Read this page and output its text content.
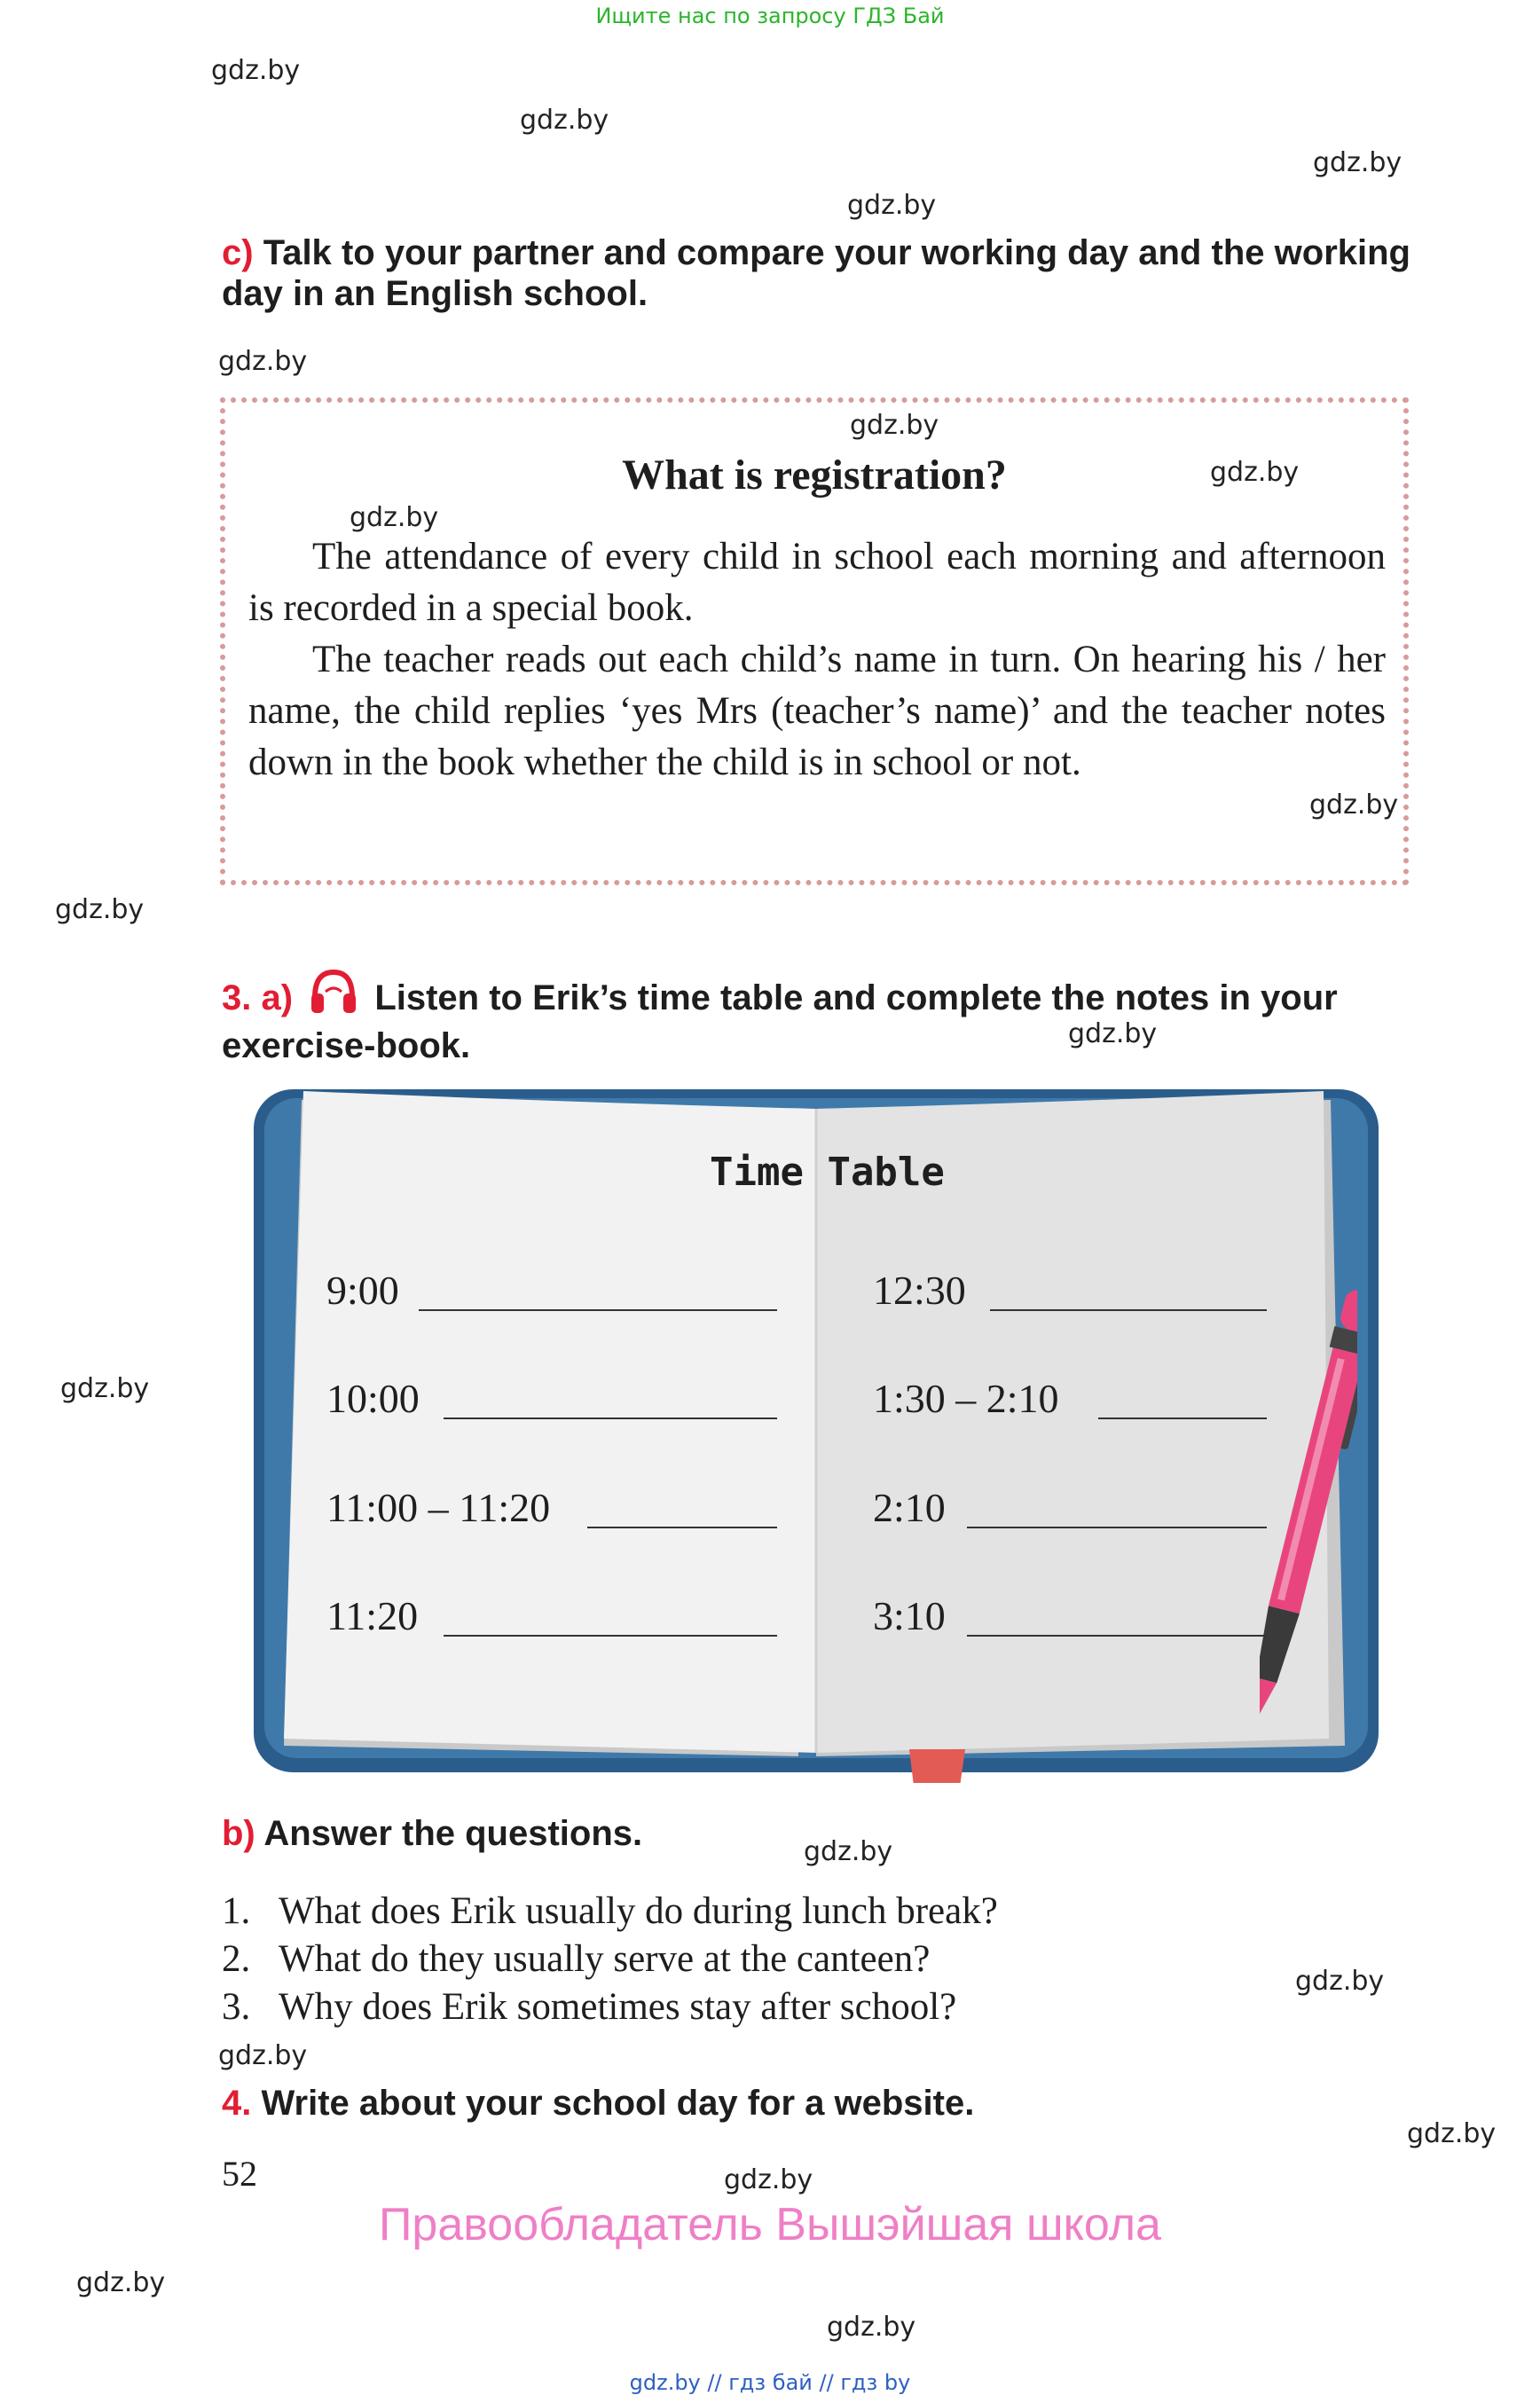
Ищите нас по запросу ГДЗ Бай
gdz.by
gdz.by
gdz.by
gdz.by
gdz.by
gdz.by
gdz.by
gdz.by
gdz.by
gdz.by
gdz.by
gdz.by
gdz.by
gdz.by
gdz.by
gdz.by
gdz.by
gdz.by
gdz.by
c) Talk to your partner and compare your working day and the working day in an English school.
What is registration?

The attendance of every child in school each morning and afternoon is recorded in a special book.

The teacher reads out each child’s name in turn. On hearing his / her name, the child replies ‘yes Mrs (teacher’s name)’ and the teacher notes down in the book whether the child is in school or not.

3. a) Listen to Erik’s time table and complete the notes in your exercise-book.
Time Table
9:00
10:00
11:00 – 11:20
11:20
12:30
1:30 – 2:10
2:10
3:10
b) Answer the questions.
1. What does Erik usually do during lunch break?
2. What do they usually serve at the canteen?
3. Why does Erik sometimes stay after school?
4. Write about your school day for a website.
52
Правообладатель Вышэйшая школа
gdz.by // гдз бай // гдз by
